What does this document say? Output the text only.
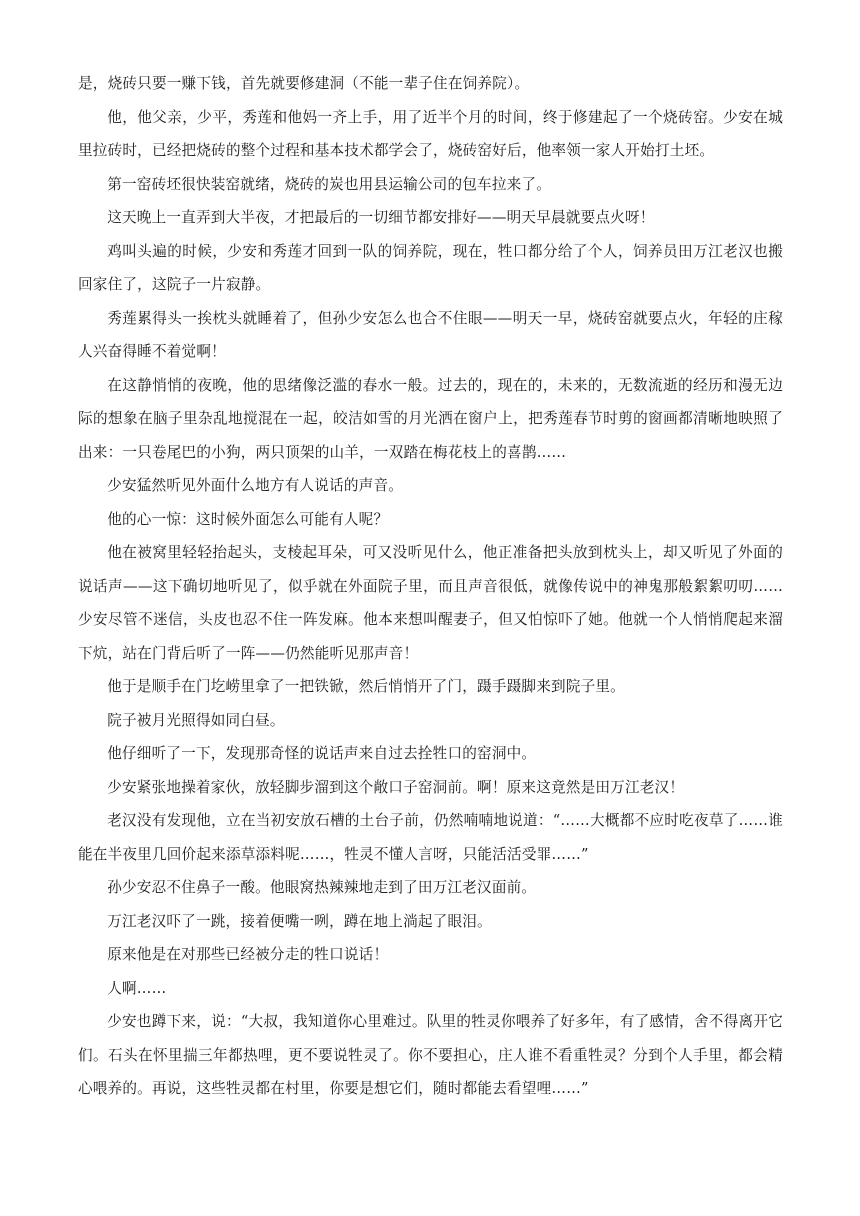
是，烧砖只要一赚下钱，首先就要修建洞（不能一辈子住在饲养院）。

他，他父亲，少平，秀莲和他妈一齐上手，用了近半个月的时间，终于修建起了一个烧砖窑。少安在城里拉砖时，已经把烧砖的整个过程和基本技术都学会了，烧砖窑好后，他率领一家人开始打土坯。

第一窑砖坯很快装窑就绪，烧砖的炭也用县运输公司的包车拉来了。

这天晚上一直弄到大半夜，才把最后的一切细节都安排好——明天早晨就要点火呀！

鸡叫头遍的时候，少安和秀莲才回到一队的饲养院，现在，牲口都分给了个人，饲养员田万江老汉也搬回家住了，这院子一片寂静。

秀莲累得头一挨枕头就睡着了，但孙少安怎么也合不住眼——明天一早，烧砖窑就要点火，年轻的庄稼人兴奋得睡不着觉啊！

在这静悄悄的夜晚，他的思绪像泛滥的春水一般。过去的，现在的，未来的，无数流逝的经历和漫无边际的想象在脑子里杂乱地搅混在一起，皎洁如雪的月光洒在窗户上，把秀莲春节时剪的窗画都清晰地映照了出来：一只卷尾巴的小狗，两只顶架的山羊，一双踏在梅花枝上的喜鹊……

少安猛然听见外面什么地方有人说话的声音。

他的心一惊：这时候外面怎么可能有人呢？

他在被窝里轻轻抬起头，支棱起耳朵，可又没听见什么，他正准备把头放到枕头上，却又听见了外面的说话声——这下确切地听见了，似乎就在外面院子里，而且声音很低，就像传说中的神鬼那般絮絮叨叨……少安尽管不迷信，头皮也忍不住一阵发麻。他本来想叫醒妻子，但又怕惊吓了她。他就一个人悄悄爬起来溜下炕，站在门背后听了一阵——仍然能听见那声音！

他于是顺手在门圪崂里拿了一把铁锨，然后悄悄开了门，蹑手蹑脚来到院子里。

院子被月光照得如同白昼。

他仔细听了一下，发现那奇怪的说话声来自过去拴牲口的窑洞中。

少安紧张地操着家伙，放轻脚步溜到这个敞口子窑洞前。啊！原来这竟然是田万江老汉！

老汉没有发现他，立在当初安放石槽的土台子前，仍然喃喃地说道：“……大概都不应时吃夜草了……谁能在半夜里几回价起来添草添料呢……，牲灵不懂人言呀，只能活活受罪……”

孙少安忍不住鼻子一酸。他眼窝热辣辣地走到了田万江老汉面前。

万江老汉吓了一跳，接着便嘴一咧，蹲在地上淌起了眼泪。

原来他是在对那些已经被分走的牲口说话！

人啊……

少安也蹲下来，说：“大叔，我知道你心里难过。队里的牲灵你喂养了好多年，有了感情，舍不得离开它们。石头在怀里揣三年都热哩，更不要说牲灵了。你不要担心，庄人谁不看重牲灵？分到个人手里，都会精心喂养的。再说，这些牲灵都在村里，你要是想它们，随时都能去看望哩……”
